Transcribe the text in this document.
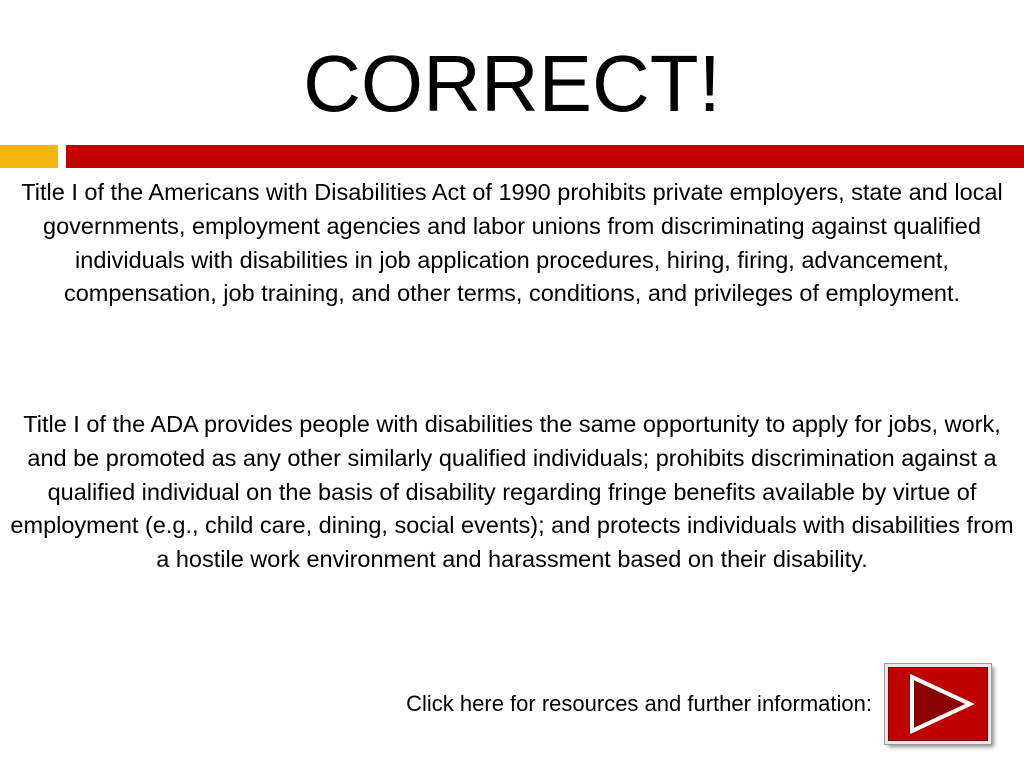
CORRECT!

Title I of the Americans with Disabilities Act of 1990 prohibits private employers, state and local governments, employment agencies and labor unions from discriminating against qualified individuals with disabilities in job application procedures, hiring, firing, advancement, compensation, job training, and other terms, conditions, and privileges of employment.

Title I of the ADA provides people with disabilities the same opportunity to apply for jobs, work, and be promoted as any other similarly qualified individuals; prohibits discrimination against a qualified individual on the basis of disability regarding fringe benefits available by virtue of employment (e.g., child care, dining, social events); and protects individuals with disabilities from a hostile work environment and harassment based on their disability.

Click here for resources and further information:
